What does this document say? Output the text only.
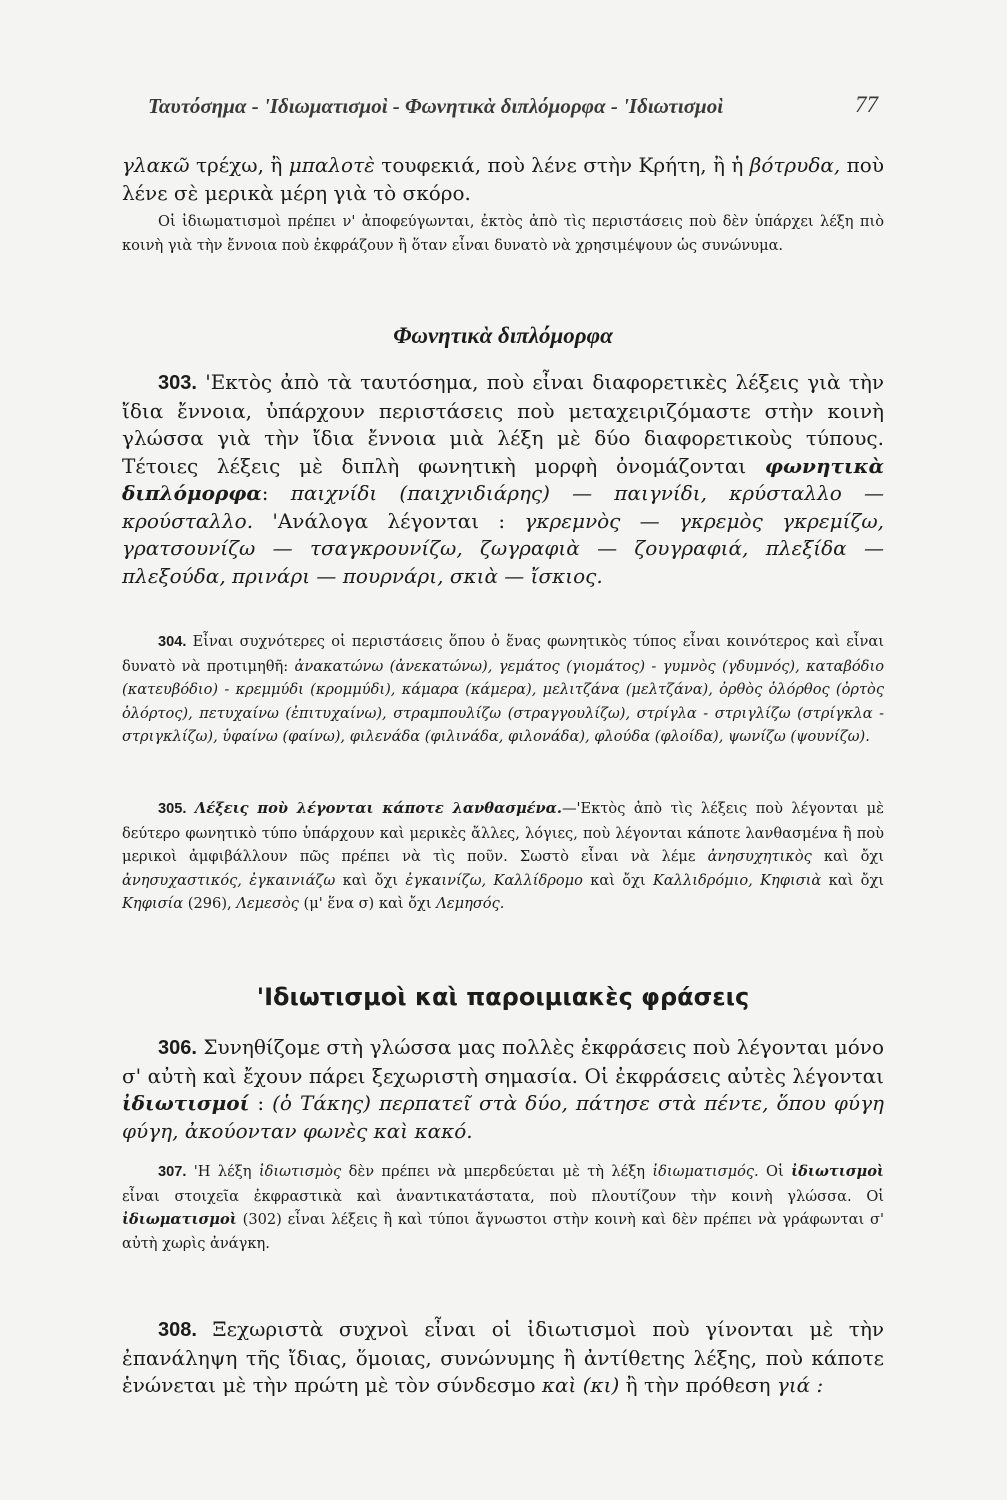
Ταυτόσημα - 'Ιδιωματισμοὶ - Φωνητικὰ διπλόμορφα - 'Ιδιωτισμοὶ	77

γλακῶ τρέχω, ἢ μπαλοτὲ τουφεκιά, ποὺ λένε στὴν Κρήτη, ἢ ἡ βότρυδα, ποὺ λένε σὲ μερικὰ μέρη γιὰ τὸ σκόρο.

Οἱ ἰδιωματισμοὶ πρέπει ν' ἀποφεύγωνται, ἐκτὸς ἀπὸ τὶς περιστάσεις ποὺ δὲν ὑπάρχει λέξη πιὸ κοινὴ γιὰ τὴν ἔννοια ποὺ ἐκφράζουν ἢ ὅταν εἶναι δυνατὸ νὰ χρησιμέψουν ὡς συνώνυμα.

Φωνητικὰ διπλόμορφα

303. 'Εκτὸς ἀπὸ τὰ ταυτόσημα, ποὺ εἶναι διαφορετικὲς λέξεις γιὰ τὴν ἴδια ἔννοια, ὑπάρχουν περιστάσεις ποὺ μεταχειριζόμαστε στὴν κοινὴ γλώσσα γιὰ τὴν ἴδια ἔννοια μιὰ λέξη μὲ δύο διαφορετικοὺς τύπους. Τέτοιες λέξεις μὲ διπλὴ φωνητικὴ μορφὴ ὀνομάζονται φωνητικὰ διπλόμορφα: παιχνίδι (παιχνιδιάρης) — παιγνίδι, κρύσταλλο — κρούσταλλο. 'Ανάλογα λέγονται : γκρεμνὸς — γκρεμὸς γκρεμίζω, γρατσουνίζω — τσαγκρουνίζω, ζωγραφιὰ — ζουγραφιά, πλεξίδα — πλεξούδα, πρινάρι — πουρνάρι, σκιὰ — ἴσκιος.

304. Εἶναι συχνότερες οἱ περιστάσεις ὅπου ὁ ἕνας φωνητικὸς τύπος εἶναι κοινότερος καὶ εἶναι δυνατὸ νὰ προτιμηθῆ: ἀνακατώνω (ἀνεκατώνω), γεμάτος (γιομάτος) - γυμνὸς (γδυμνός), καταβόδιο (κατευβόδιο) - κρεμμύδι (κρομμύδι), κάμαρα (κάμερα), μελιτζάνα (μελτζάνα), ὀρθὸς ὁλόρθος (ὀρτὸς ὁλόρτος), πετυχαίνω (ἐπιτυχαίνω), στραμπουλίζω (στραγγουλίζω), στρίγλα - στριγλίζω (στρίγκλα - στριγκλίζω), ὑφαίνω (φαίνω), φιλενάδα (φιλινάδα, φιλονάδα), φλούδα (φλοίδα), ψωνίζω (ψουνίζω).

305. Λέξεις ποὺ λέγονται κάποτε λανθασμένα.—'Εκτὸς ἀπὸ τὶς λέξεις ποὺ λέγονται μὲ δεύτερο φωνητικὸ τύπο ὑπάρχουν καὶ μερικὲς ἄλλες, λόγιες, ποὺ λέγονται κάποτε λανθασμένα ἢ ποὺ μερικοὶ ἀμφιβάλλουν πῶς πρέπει νὰ τὶς ποῦν. Σωστὸ εἶναι νὰ λέμε ἀνησυχητικὸς καὶ ὄχι ἀνησυχαστικός, ἐγκαινιάζω καὶ ὄχι ἐγκαινίζω, Καλλίδρομο καὶ ὄχι Καλλιδρόμιο, Κηφισιὰ καὶ ὄχι Κηφισία (296), Λεμεσὸς (μ' ἕνα σ) καὶ ὄχι Λεμησός.

'Ιδιωτισμοὶ καὶ παροιμιακὲς φράσεις

306. Συνηθίζομε στὴ γλώσσα μας πολλὲς ἐκφράσεις ποὺ λέγονται μόνο σ' αὐτὴ καὶ ἔχουν πάρει ξεχωριστὴ σημασία. Οἱ ἐκφράσεις αὐτὲς λέγονται ἰδιωτισμοί : (ὁ Τάκης) περπατεῖ στὰ δύο, πάτησε στὰ πέντε, ὅπου φύγη φύγη, ἀκούονταν φωνὲς καὶ κακό.

307. 'Η λέξη ἰδιωτισμὸς δὲν πρέπει νὰ μπερδεύεται μὲ τὴ λέξη ἰδιωματισμός. Οἱ ἰδιωτισμοὶ εἶναι στοιχεῖα ἐκφραστικὰ καὶ ἀναντικατάστατα, ποὺ πλουτίζουν τὴν κοινὴ γλώσσα. Οἱ ἰδιωματισμοὶ (302) εἶναι λέξεις ἢ καὶ τύποι ἄγνωστοι στὴν κοινὴ καὶ δὲν πρέπει νὰ γράφωνται σ' αὐτὴ χωρὶς ἀνάγκη.

308. Ξεχωριστὰ συχνοὶ εἶναι οἱ ἰδιωτισμοὶ ποὺ γίνονται μὲ τὴν ἐπανάληψη τῆς ἴδιας, ὅμοιας, συνώνυμης ἢ ἀντίθετης λέξης, ποὺ κάποτε ἑνώνεται μὲ τὴν πρώτη μὲ τὸν σύνδεσμο καὶ (κι) ἢ τὴν πρόθεση γιά :
